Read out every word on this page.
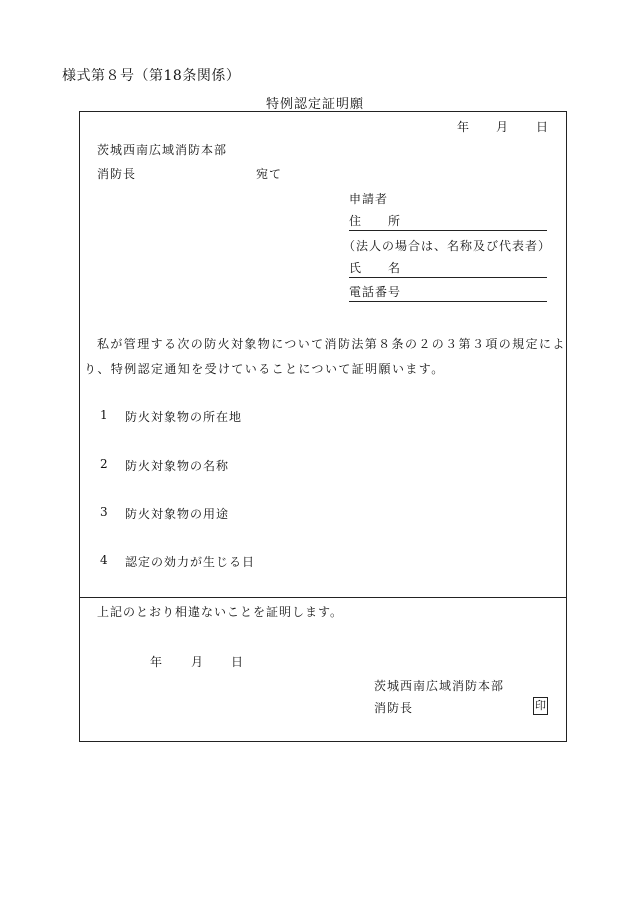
様式第８号（第18条関係）
特例認定証明願
年 月 日
茨城西南広域消防本部
消防長	宛て
申請者
住　　所
（法人の場合は、名称及び代表者）
氏　　名
電話番号
私が管理する次の防火対象物について消防法第８条の２の３第３項の規定によ
り、特例認定通知を受けていることについて証明願います。
1 防火対象物の所在地
2 防火対象物の名称
3 防火対象物の用途
4 認定の効力が生じる日
上記のとおり相違ないことを証明します。
年 月 日
茨城西南広域消防本部
消防長	印
